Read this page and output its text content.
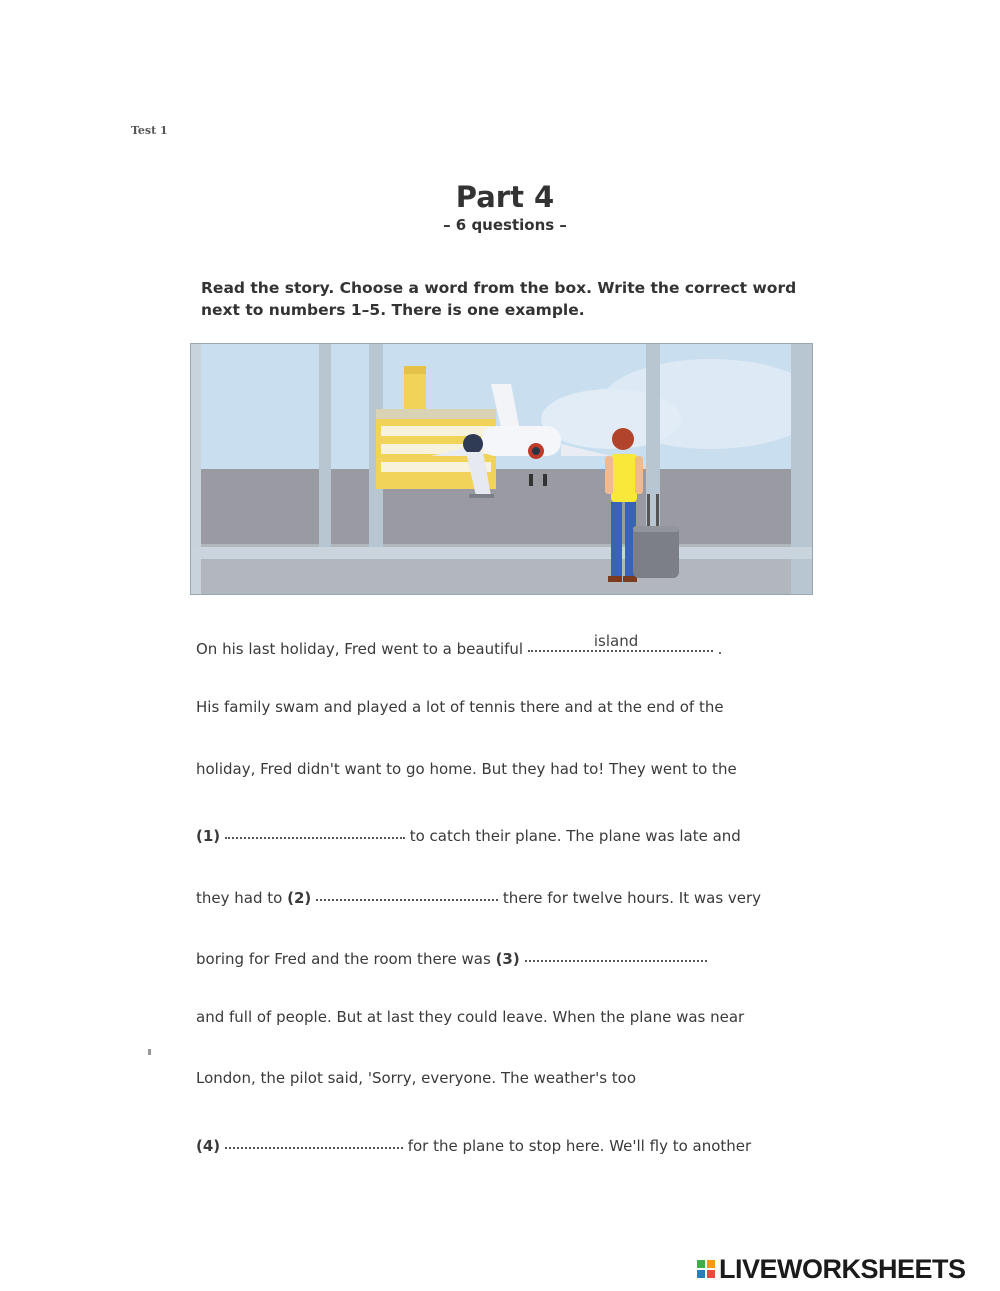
Test 1
Part 4
– 6 questions –
Read the story. Choose a word from the box. Write the correct word next to numbers 1–5. There is one example.
On his last holiday, Fred went to a beautiful	island	.
His family swam and played a lot of tennis there and at the end of the
holiday, Fred didn't want to go home. But they had to! They went to the
(1)	to catch their plane. The plane was late and
they had to (2)	there for twelve hours. It was very
boring for Fred and the room there was (3)
and full of people. But at last they could leave. When the plane was near
London, the pilot said, 'Sorry, everyone. The weather's too
(4)	for the plane to stop here. We'll fly to another
LIVEWORKSHEETS
